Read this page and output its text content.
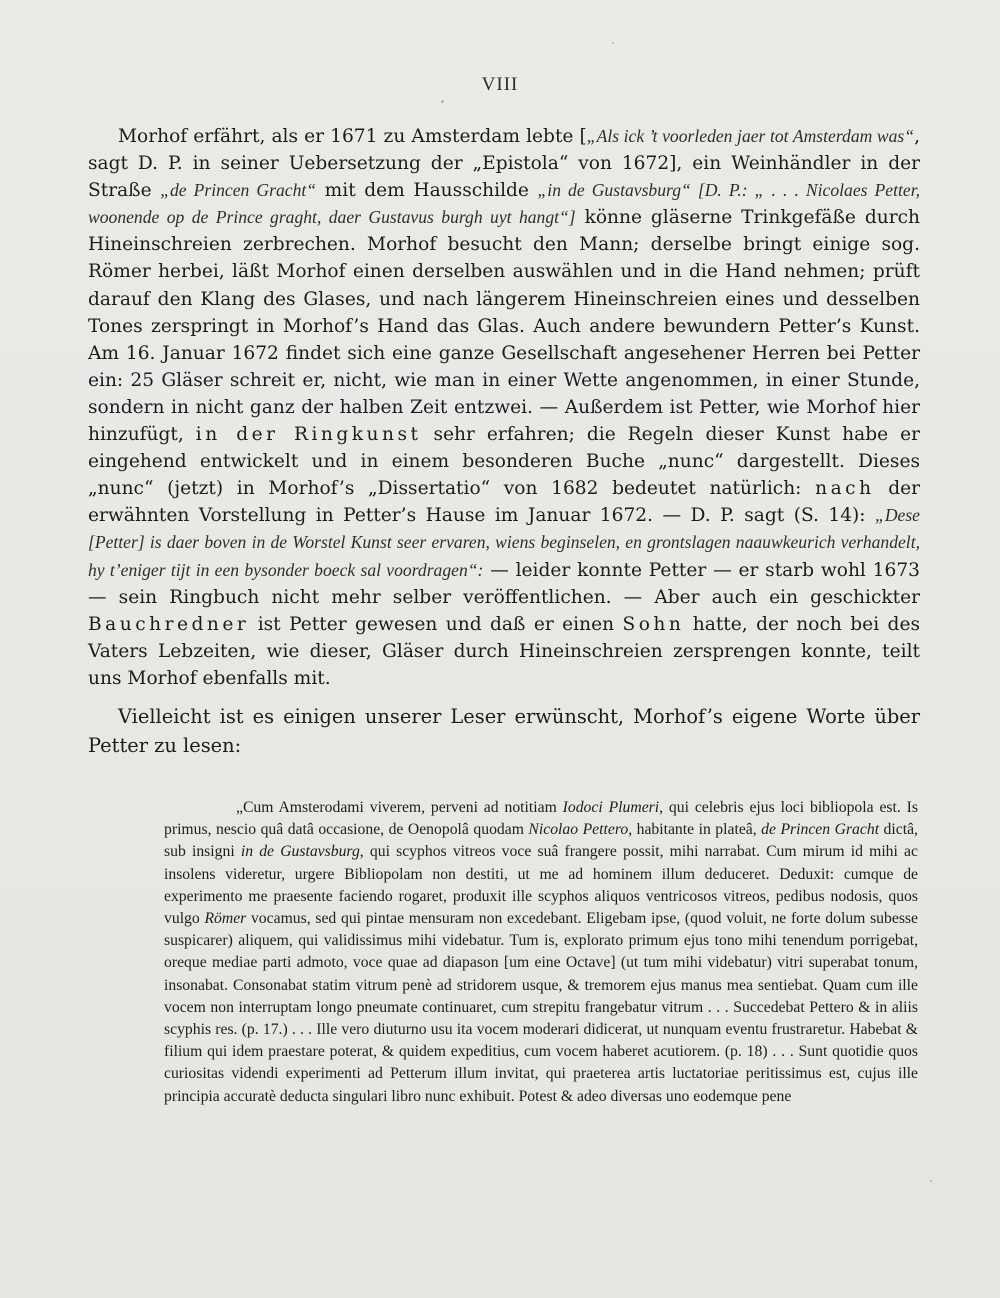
VIII

Morhof erfährt, als er 1671 zu Amsterdam lebte [„Als ick ’t voorleden jaer tot Amsterdam was“, sagt D. P. in seiner Uebersetzung der „Epistola“ von 1672], ein Weinhändler in der Straße „de Princen Gracht“ mit dem Hausschilde „in de Gustavsburg“ [D. P.: „ . . . Nicolaes Petter, woonende op de Prince graght, daer Gustavus burgh uyt hangt“] könne gläserne Trinkgefäße durch Hineinschreien zerbrechen. Morhof besucht den Mann; derselbe bringt einige sog. Römer herbei, läßt Morhof einen derselben auswählen und in die Hand nehmen; prüft darauf den Klang des Glases, und nach längerem Hineinschreien eines und desselben Tones zerspringt in Morhof’s Hand das Glas. Auch andere bewundern Petter’s Kunst. Am 16. Januar 1672 findet sich eine ganze Gesellschaft angesehener Herren bei Petter ein: 25 Gläser schreit er, nicht, wie man in einer Wette angenommen, in einer Stunde, sondern in nicht ganz der halben Zeit entzwei. — Außerdem ist Petter, wie Morhof hier hinzufügt, in der Ringkunst sehr erfahren; die Regeln dieser Kunst habe er eingehend entwickelt und in einem besonderen Buche „nunc“ dargestellt. Dieses „nunc“ (jetzt) in Morhof’s „Dissertatio“ von 1682 bedeutet natürlich: nach der erwähnten Vorstellung in Petter’s Hause im Januar 1672. — D. P. sagt (S. 14): „Dese [Petter] is daer boven in de Worstel Kunst seer ervaren, wiens beginselen, en grontslagen naauwkeurich verhandelt, hy t’eniger tijt in een bysonder boeck sal voordragen“: — leider konnte Petter — er starb wohl 1673 — sein Ringbuch nicht mehr selber veröffentlichen. — Aber auch ein geschickter Bauchredner ist Petter gewesen und daß er einen Sohn hatte, der noch bei des Vaters Lebzeiten, wie dieser, Gläser durch Hineinschreien zersprengen konnte, teilt uns Morhof ebenfalls mit.

Vielleicht ist es einigen unserer Leser erwünscht, Morhof’s eigene Worte über Petter zu lesen:

„Cum Amsterodami viverem, perveni ad notitiam Iodoci Plumeri, qui celebris ejus loci bibliopola est. Is primus, nescio quâ datâ occasione, de Oenopolâ quodam Nicolao Pettero, habitante in plateâ, de Princen Gracht dictâ, sub insigni in de Gustavsburg, qui scyphos vitreos voce suâ frangere possit, mihi narrabat. Cum mirum id mihi ac insolens videretur, urgere Bibliopolam non destiti, ut me ad hominem illum deduceret. Deduxit: cumque de experimento me praesente faciendo rogaret, produxit ille scyphos aliquos ventricosos vitreos, pedibus nodosis, quos vulgo Römer vocamus, sed qui pintae mensuram non excedebant. Eligebam ipse, (quod voluit, ne forte dolum subesse suspicarer) aliquem, qui validissimus mihi videbatur. Tum is, explorato primum ejus tono mihi tenendum porrigebat, oreque mediae parti admoto, voce quae ad diapason [um eine Octave] (ut tum mihi videbatur) vitri superabat tonum, insonabat. Consonabat statim vitrum penè ad stridorem usque, & tremorem ejus manus mea sentiebat. Quam cum ille vocem non interruptam longo pneumate continuaret, cum strepitu frangebatur vitrum . . . Succedebat Pettero & in aliis scyphis res. (p. 17.) . . . Ille vero diuturno usu ita vocem moderari didicerat, ut nunquam eventu frustraretur. Habebat & filium qui idem praestare poterat, & quidem expeditius, cum vocem haberet acutiorem. (p. 18) . . . Sunt quotidie quos curiositas videndi experimenti ad Petterum illum invitat, qui praeterea artis luctatoriae peritissimus est, cujus ille principia accuratè deducta singulari libro nunc exhibuit. Potest & adeo diversas uno eodemque pene
